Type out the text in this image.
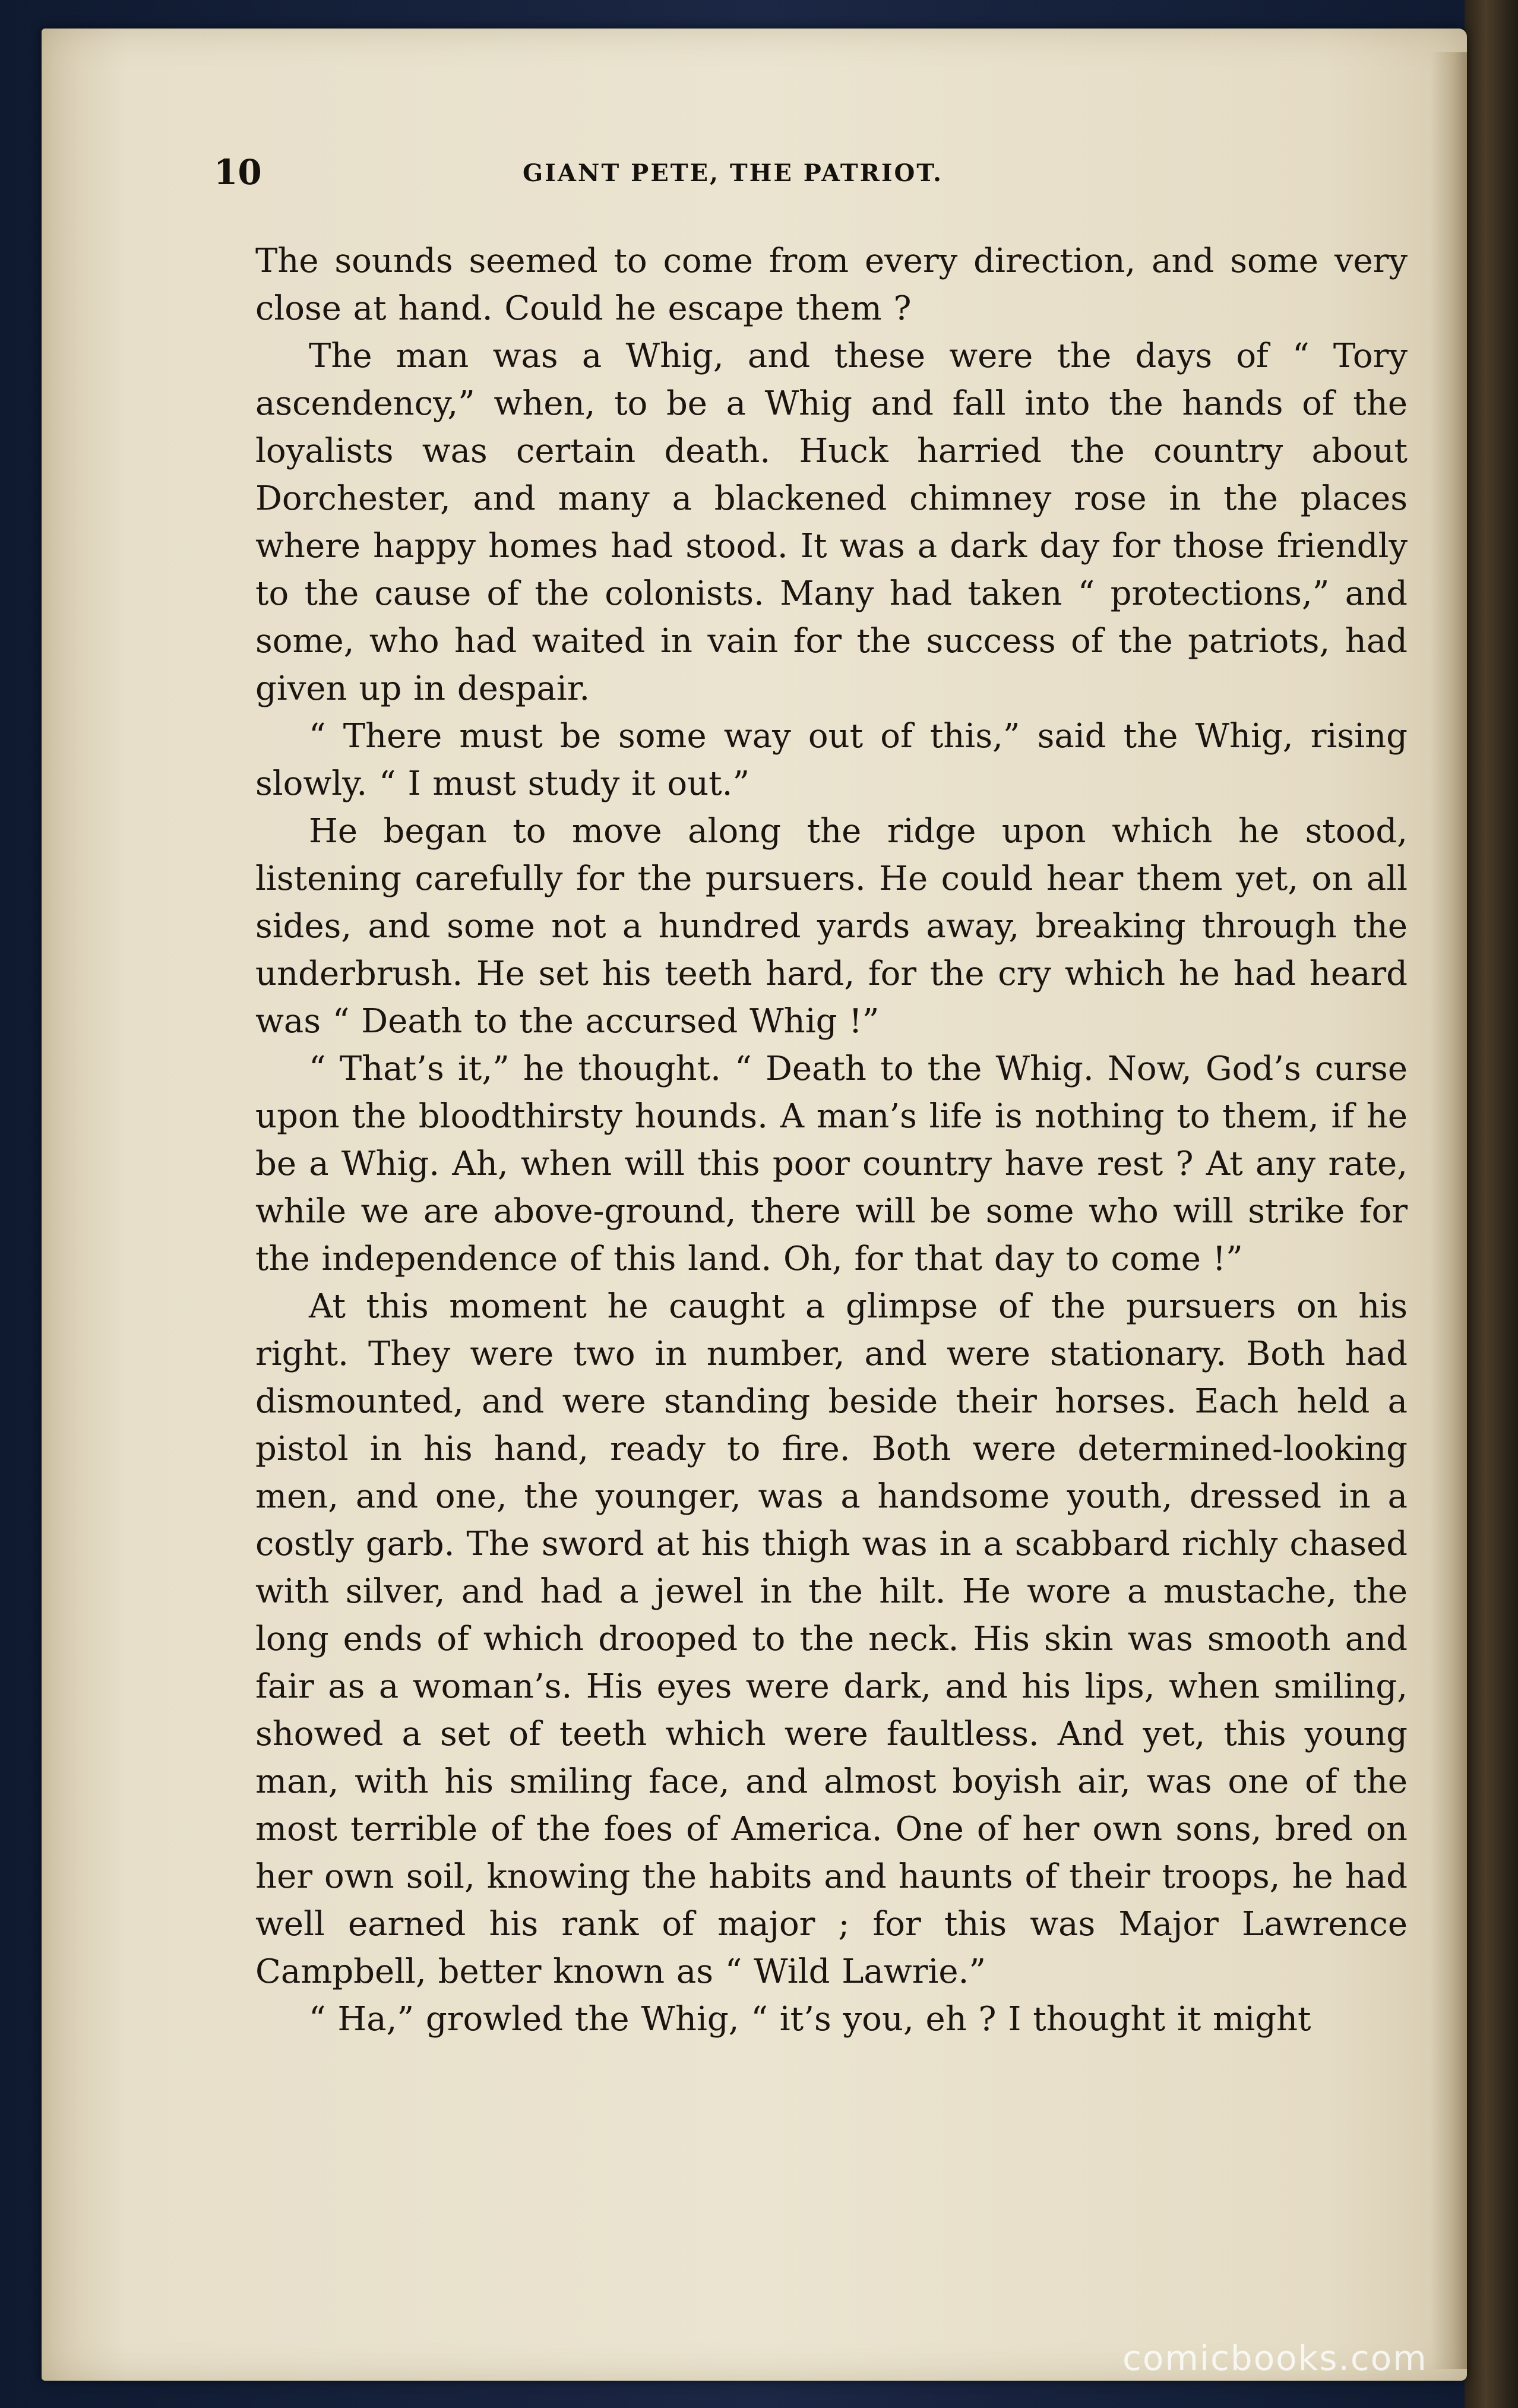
10	GIANT PETE, THE PATRIOT.

The sounds seemed to come from every direction, and some very close at hand. Could he escape them ?

The man was a Whig, and these were the days of “ Tory ascendency,” when, to be a Whig and fall into the hands of the loyalists was certain death. Huck harried the country about Dorchester, and many a blackened chimney rose in the places where happy homes had stood. It was a dark day for those friendly to the cause of the colonists. Many had taken “ protections,” and some, who had waited in vain for the success of the patriots, had given up in despair.

“ There must be some way out of this,” said the Whig, rising slowly. “ I must study it out.”

He began to move along the ridge upon which he stood, listening carefully for the pursuers. He could hear them yet, on all sides, and some not a hundred yards away, breaking through the underbrush. He set his teeth hard, for the cry which he had heard was “ Death to the accursed Whig !”

“ That’s it,” he thought. “ Death to the Whig. Now, God’s curse upon the bloodthirsty hounds. A man’s life is nothing to them, if he be a Whig. Ah, when will this poor country have rest ? At any rate, while we are above-ground, there will be some who will strike for the independence of this land. Oh, for that day to come !”

At this moment he caught a glimpse of the pursuers on his right. They were two in number, and were stationary. Both had dismounted, and were standing beside their horses. Each held a pistol in his hand, ready to fire. Both were determined-looking men, and one, the younger, was a handsome youth, dressed in a costly garb. The sword at his thigh was in a scabbard richly chased with silver, and had a jewel in the hilt. He wore a mustache, the long ends of which drooped to the neck. His skin was smooth and fair as a woman’s. His eyes were dark, and his lips, when smiling, showed a set of teeth which were faultless. And yet, this young man, with his smiling face, and almost boyish air, was one of the most terrible of the foes of America. One of her own sons, bred on her own soil, knowing the habits and haunts of their troops, he had well earned his rank of major ; for this was Major Lawrence Campbell, better known as “ Wild Lawrie.”

“ Ha,” growled the Whig, “ it’s you, eh ? I thought it might

comicbooks.com
